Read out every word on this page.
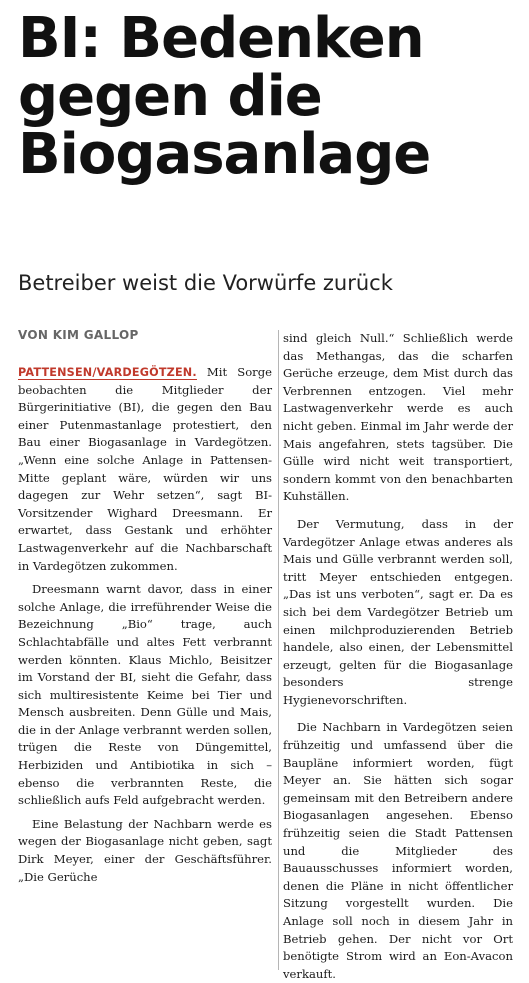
BI: Bedenken
gegen die
Biogasanlage
Betreiber weist die Vorwürfe zurück
VON KIM GALLOP

PATTENSEN/VARDEGÖTZEN. Mit Sorge beobachten die Mitglieder der Bürgerinitiative (BI), die gegen den Bau einer Putenmastanlage protestiert, den Bau einer Biogasanlage in Vardegötzen. „Wenn eine solche Anlage in Pattensen-Mitte geplant wäre, würden wir uns dagegen zur Wehr setzen“, sagt BI-Vorsitzender Wighard Dreesmann. Er erwartet, dass Gestank und erhöhter Lastwagenverkehr auf die Nachbarschaft in Vardegötzen zukommen.

Dreesmann warnt davor, dass in einer solche Anlage, die irreführender Weise die Bezeichnung „Bio“ trage, auch Schlachtabfälle und altes Fett verbrannt werden könnten. Klaus Michlo, Beisitzer im Vorstand der BI, sieht die Gefahr, dass sich multiresistente Keime bei Tier und Mensch ausbreiten. Denn Gülle und Mais, die in der Anlage verbrannt werden sollen, trügen die Reste von Düngemittel, Herbiziden und Antibiotika in sich – ebenso die verbrannten Reste, die schließlich aufs Feld aufgebracht werden.

Eine Belastung der Nachbarn werde es wegen der Biogasanlage nicht geben, sagt Dirk Meyer, einer der Geschäftsführer. „Die Gerüche

sind gleich Null.“ Schließlich werde das Methangas, das die scharfen Gerüche erzeuge, dem Mist durch das Verbrennen entzogen. Viel mehr Lastwagenverkehr werde es auch nicht geben. Einmal im Jahr werde der Mais angefahren, stets tagsüber. Die Gülle wird nicht weit transportiert, sondern kommt von den benachbarten Kuhställen.

Der Vermutung, dass in der Vardegötzer Anlage etwas anderes als Mais und Gülle verbrannt werden soll, tritt Meyer entschieden entgegen. „Das ist uns verboten“, sagt er. Da es sich bei dem Vardegötzer Betrieb um einen milchproduzierenden Betrieb handele, also einen, der Lebensmittel erzeugt, gelten für die Biogasanlage besonders strenge Hygienevorschriften.

Die Nachbarn in Vardegötzen seien frühzeitig und umfassend über die Baupläne informiert worden, fügt Meyer an. Sie hätten sich sogar gemeinsam mit den Betreibern andere Biogasanlagen angesehen. Ebenso frühzeitig seien die Stadt Pattensen und die Mitglieder des Bauausschusses informiert worden, denen die Pläne in nicht öffentlicher Sitzung vorgestellt wurden. Die Anlage soll noch in diesem Jahr in Betrieb gehen. Der nicht vor Ort benötigte Strom wird an Eon-Avacon verkauft.
